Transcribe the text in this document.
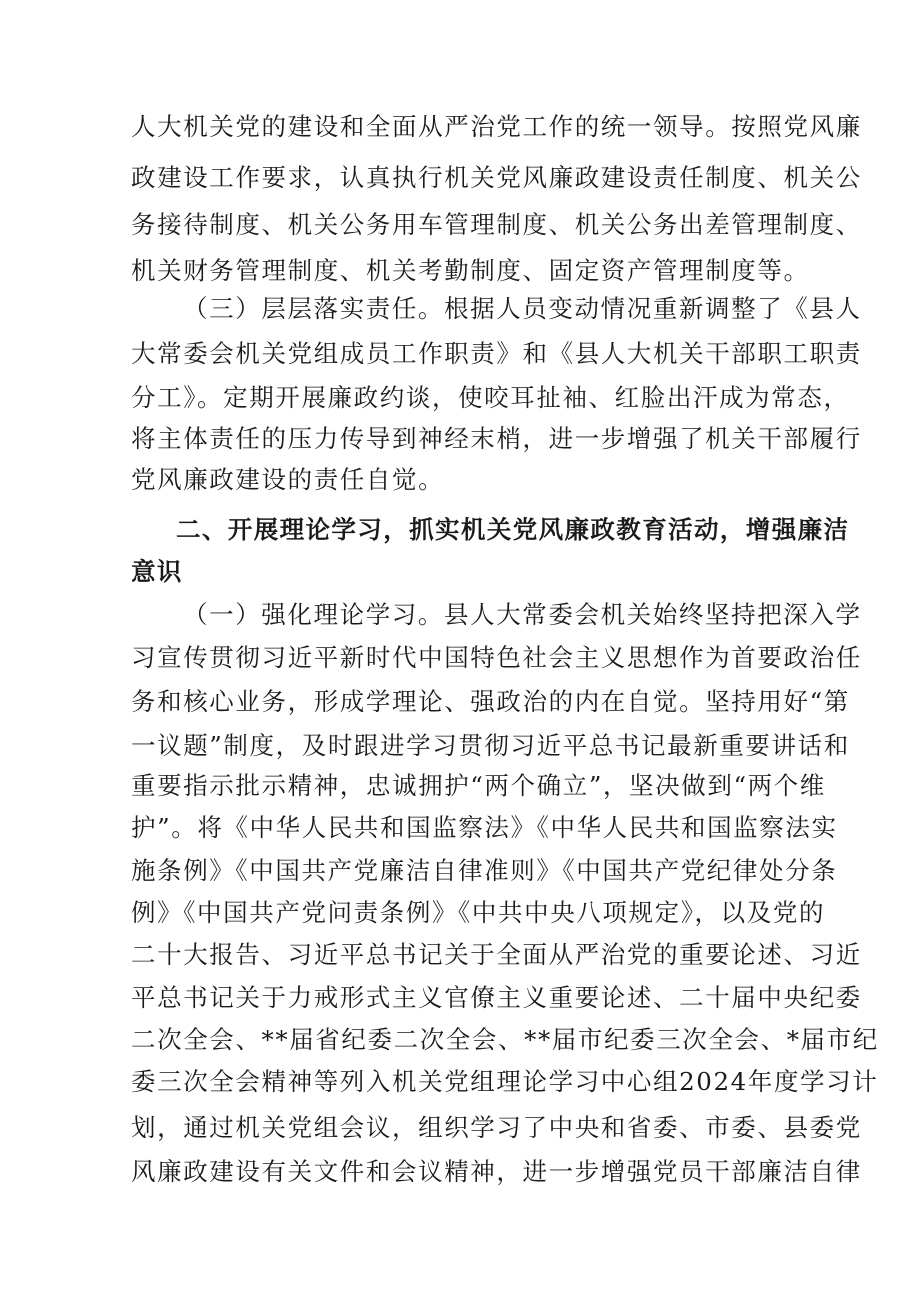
人大机关党的建设和全面从严治党工作的统一领导。按照党风廉
政建设工作要求，认真执行机关党风廉政建设责任制度、机关公
务接待制度、机关公务用车管理制度、机关公务出差管理制度、
机关财务管理制度、机关考勤制度、固定资产管理制度等。
（三）层层落实责任。根据人员变动情况重新调整了《县人
大常委会机关党组成员工作职责》和《县人大机关干部职工职责
分工》。定期开展廉政约谈，使咬耳扯袖、红脸出汗成为常态，
将主体责任的压力传导到神经末梢，进一步增强了机关干部履行
党风廉政建设的责任自觉。
二、开展理论学习，抓实机关党风廉政教育活动，增强廉洁
意识
（一）强化理论学习。县人大常委会机关始终坚持把深入学
习宣传贯彻习近平新时代中国特色社会主义思想作为首要政治任
务和核心业务，形成学理论、强政治的内在自觉。坚持用好“第
一议题”制度，及时跟进学习贯彻习近平总书记最新重要讲话和
重要指示批示精神，忠诚拥护“两个确立”，坚决做到“两个维
护”。将《中华人民共和国监察法》《中华人民共和国监察法实
施条例》《中国共产党廉洁自律准则》《中国共产党纪律处分条
例》《中国共产党问责条例》《中共中央八项规定》，以及党的
二十大报告、习近平总书记关于全面从严治党的重要论述、习近
平总书记关于力戒形式主义官僚主义重要论述、二十届中央纪委
二次全会、**届省纪委二次全会、**届市纪委三次全会、*届市纪
委三次全会精神等列入机关党组理论学习中心组2024年度学习计
划，通过机关党组会议，组织学习了中央和省委、市委、县委党
风廉政建设有关文件和会议精神，进一步增强党员干部廉洁自律
